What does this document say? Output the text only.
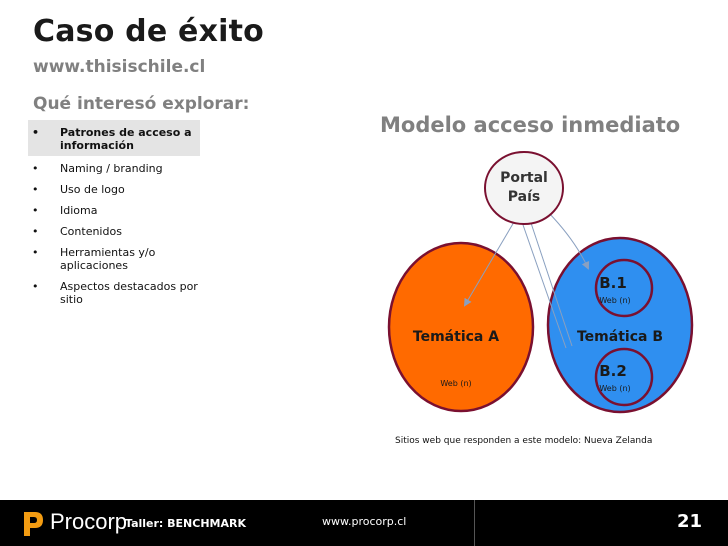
Caso de éxito
www.thisischile.cl
Qué interesó explorar:
• Patrones de acceso a información
• Naming / branding
• Uso de logo
• Idioma
• Contenidos
• Herramientas y/o aplicaciones
• Aspectos destacados por sitio
Modelo acceso inmediato
Portal
País
Temática A
Web (n)
Temática B
B.1
Web (n)
B.2
Web (n)
Sitios web que responden a este modelo: Nueva Zelanda
Procorp
Taller: BENCHMARK	www.procorp.cl	21
